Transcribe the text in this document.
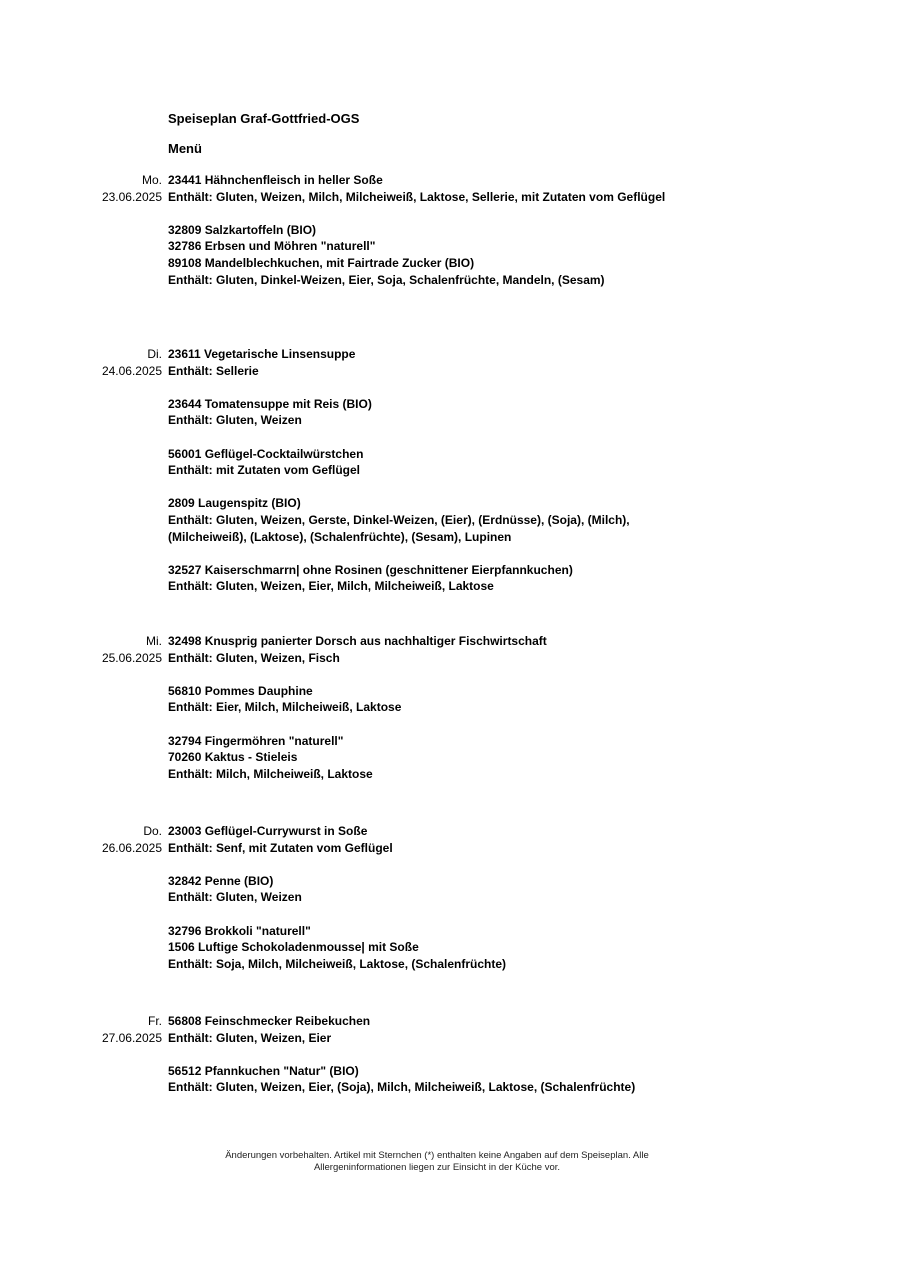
Speiseplan Graf-Gottfried-OGS
Menü
Mo.
23.06.2025
23441 Hähnchenfleisch in heller Soße
Enthält: Gluten, Weizen, Milch, Milcheiweiß, Laktose, Sellerie, mit Zutaten vom Geflügel
32809 Salzkartoffeln (BIO)
32786 Erbsen und Möhren "naturell"
89108 Mandelblechkuchen, mit Fairtrade Zucker (BIO)
Enthält: Gluten, Dinkel-Weizen, Eier, Soja, Schalenfrüchte, Mandeln, (Sesam)
Di.
24.06.2025
23611 Vegetarische Linsensuppe
Enthält: Sellerie
23644 Tomatensuppe mit Reis (BIO)
Enthält: Gluten, Weizen
56001 Geflügel-Cocktailwürstchen
Enthält: mit Zutaten vom Geflügel
2809 Laugenspitz (BIO)
Enthält: Gluten, Weizen, Gerste, Dinkel-Weizen, (Eier), (Erdnüsse), (Soja), (Milch), (Milcheiweiß), (Laktose), (Schalenfrüchte), (Sesam), Lupinen
32527 Kaiserschmarrn| ohne Rosinen (geschnittener Eierpfannkuchen)
Enthält: Gluten, Weizen, Eier, Milch, Milcheiweiß, Laktose
Mi.
25.06.2025
32498 Knusprig panierter Dorsch aus nachhaltiger Fischwirtschaft
Enthält: Gluten, Weizen, Fisch
56810 Pommes Dauphine
Enthält: Eier, Milch, Milcheiweiß, Laktose
32794 Fingermöhren "naturell"
70260 Kaktus - Stieleis
Enthält: Milch, Milcheiweiß, Laktose
Do.
26.06.2025
23003 Geflügel-Currywurst in Soße
Enthält: Senf, mit Zutaten vom Geflügel
32842 Penne (BIO)
Enthält: Gluten, Weizen
32796 Brokkoli "naturell"
1506 Luftige Schokoladenmousse| mit Soße
Enthält: Soja, Milch, Milcheiweiß, Laktose, (Schalenfrüchte)
Fr.
27.06.2025
56808 Feinschmecker Reibekuchen
Enthält: Gluten, Weizen, Eier
56512 Pfannkuchen "Natur" (BIO)
Enthält: Gluten, Weizen, Eier, (Soja), Milch, Milcheiweiß, Laktose, (Schalenfrüchte)
Änderungen vorbehalten. Artikel mit Sternchen (*) enthalten keine Angaben auf dem Speiseplan. Alle Allergeninformationen liegen zur Einsicht in der Küche vor.
